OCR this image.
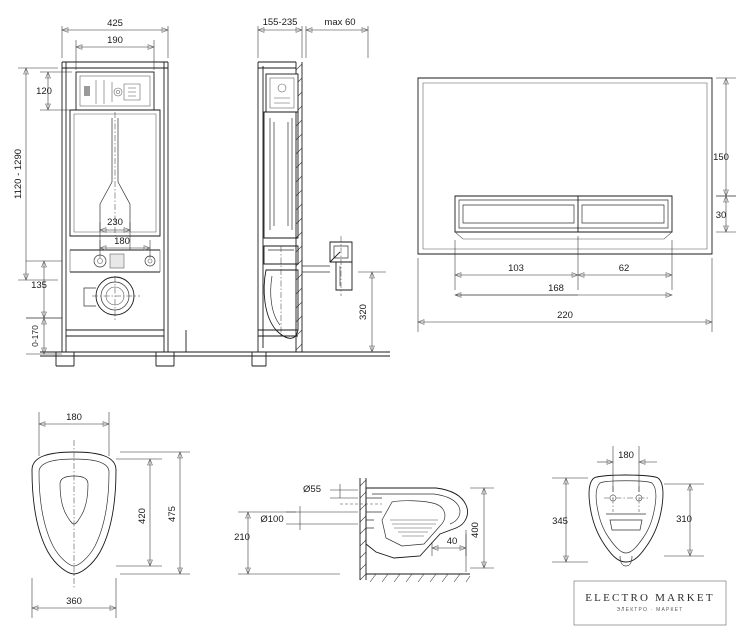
425
190
120
1120 - 1290
230
180
135
0-170
155-235	max 60
320
150
30
103	62
168
220
180
420 475
360
Ø55
Ø100
210	400
40
180
345	310
ELECTRO MARKET
ЭЛЕКТРО · МАРКЕТ
